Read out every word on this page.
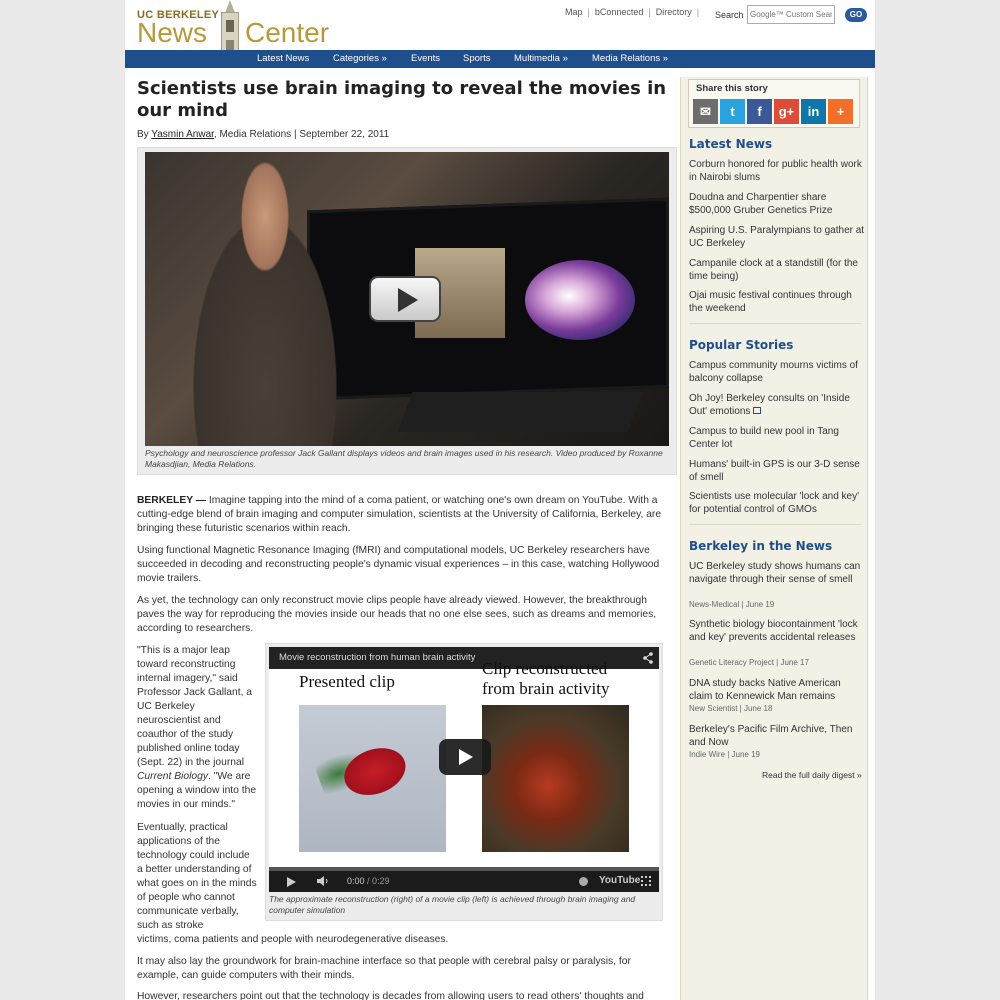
UC BERKELEY
News Center
Map | bConnected | Directory |	Search
Google™ Custom Search	GO
Latest News Categories »	Events Sports Multimedia »	Media Relations »
Scientists use brain imaging to reveal the movies in our mind
By Yasmin Anwar, Media Relations | September 22, 2011
Psychology and neuroscience professor Jack Gallant displays videos and brain images used in his research. Video produced by Roxanne Makasdjian, Media Relations.

BERKELEY — Imagine tapping into the mind of a coma patient, or watching one's own dream on YouTube. With a cutting-edge blend of brain imaging and computer simulation, scientists at the University of California, Berkeley, are bringing these futuristic scenarios within reach.

Using functional Magnetic Resonance Imaging (fMRI) and computational models, UC Berkeley researchers have succeeded in decoding and reconstructing people's dynamic visual experiences – in this case, watching Hollywood movie trailers.

As yet, the technology can only reconstruct movie clips people have already viewed. However, the breakthrough paves the way for reproducing the movies inside our heads that no one else sees, such as dreams and memories, according to researchers.

"This is a major leap toward reconstructing internal imagery," said Professor Jack Gallant, a UC Berkeley neuroscientist and coauthor of the study published online today (Sept. 22) in the journal Current Biology. "We are opening a window into the movies in our minds."

Eventually, practical applications of the technology could include a better understanding of what goes on in the minds of people who cannot communicate verbally, such as stroke

victims, coma patients and people with neurodegenerative diseases.

It may also lay the groundwork for brain-machine interface so that people with cerebral palsy or paralysis, for example, can guide computers with their minds.

However, researchers point out that the technology is decades from allowing users to read others' thoughts and

Movie reconstruction from human brain activity
Presented clip
Clip reconstructed
from brain activity
0:00 / 0:29	YouTube
The approximate reconstruction (right) of a movie clip (left) is achieved through brain imaging and computer simulation
Share this story
✉	t	f	g+	in	+
Latest News
Corburn honored for public health work in Nairobi slums
Doudna and Charpentier share $500,000 Gruber Genetics Prize
Aspiring U.S. Paralympians to gather at UC Berkeley
Campanile clock at a standstill (for the time being)
Ojai music festival continues through the weekend
Popular Stories
Campus community mourns victims of balcony collapse
Oh Joy! Berkeley consults on 'Inside Out' emotions
Campus to build new pool in Tang Center lot
Humans' built-in GPS is our 3-D sense of smell
Scientists use molecular 'lock and key' for potential control of GMOs
Berkeley in the News
UC Berkeley study shows humans can navigate through their sense of smell
News-Medical | June 19
Synthetic biology biocontainment 'lock and key' prevents accidental releases
Genetic Literacy Project | June 17
DNA study backs Native American claim to Kennewick Man remains
New Scientist | June 18
Berkeley's Pacific Film Archive, Then and Now
Indie Wire | June 19
Read the full daily digest »
